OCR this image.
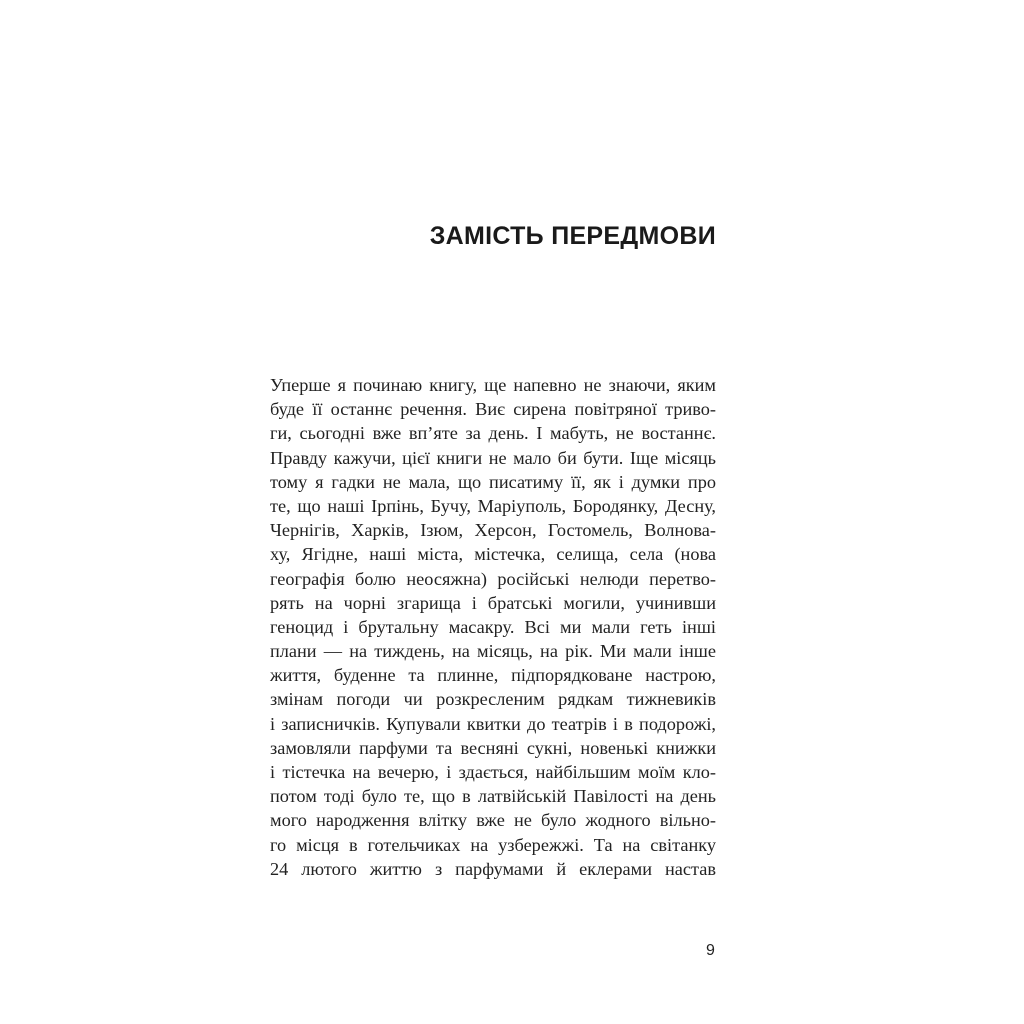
ЗАМІСТЬ ПЕРЕДМОВИ
Уперше я починаю книгу, ще напевно не знаючи, яким
буде її останнє речення. Виє сирена повітряної триво-
ги, сьогодні вже вп’яте за день. І мабуть, не востаннє.
Правду кажучи, цієї книги не мало би бути. Іще місяць
тому я гадки не мала, що писатиму її, як і думки про
те, що наші Ірпінь, Бучу, Маріуполь, Бородянку, Десну,
Чернігів, Харків, Ізюм, Херсон, Гостомель, Волнова-
ху, Ягідне, наші міста, містечка, селища, села (нова
географія болю неосяжна) російські нелюди перетво-
рять на чорні згарища і братські могили, учинивши
геноцид і брутальну масакру. Всі ми мали геть інші
плани — на тиждень, на місяць, на рік. Ми мали інше
життя, буденне та плинне, підпорядковане настрою,
змінам погоди чи розкресленим рядкам тижневиків
і записничків. Купували квитки до театрів і в подорожі,
замовляли парфуми та весняні сукні, новенькі книжки
і тістечка на вечерю, і здається, найбільшим моїм кло-
потом тоді було те, що в латвійській Павілості на день
мого народження влітку вже не було жодного вільно-
го місця в готельчиках на узбережжі. Та на світанку
24 лютого життю з парфумами й еклерами настав
9
